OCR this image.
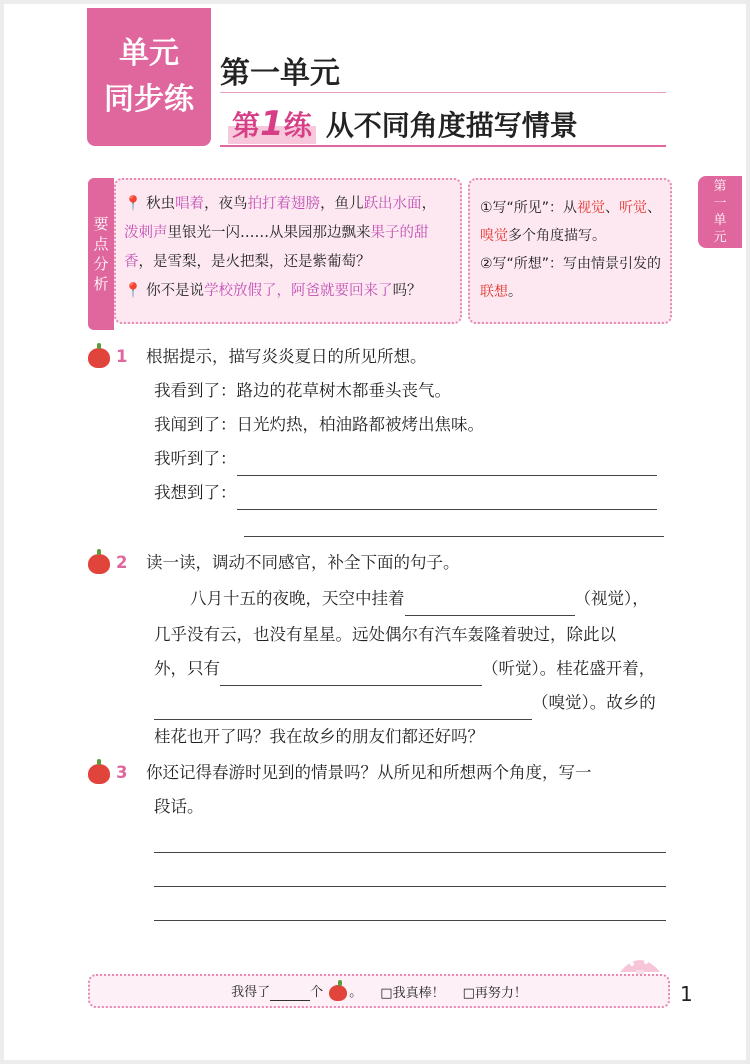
单元
同步练
第一单元
第1练 从不同角度描写情景
第
一
单
元
要
点
分
析
📍 秋虫唱着，夜鸟拍打着翅膀，鱼儿跃出水面，泼刺声里银光一闪……从果园那边飘来果子的甜香，是雪梨，是火把梨，还是紫葡萄？
📍 你不是说学校放假了，阿爸就要回来了吗？
①写“所见”：从视觉、听觉、嗅觉多个角度描写。
②写“所想”：写由情景引发的联想。
1 根据提示，描写炎炎夏日的所见所想。
我看到了：路边的花草树木都垂头丧气。
我闻到了：日光灼热，柏油路都被烤出焦味。
我听到了：
我想到了：
2 读一读，调动不同感官，补全下面的句子。
八月十五的夜晚，天空中挂着	（视觉），
几乎没有云，也没有星星。远处偶尔有汽车轰隆着驶过，除此以
外，只有	（听觉）。桂花盛开着，
（嗅觉）。故乡的
桂花也开了吗？我在故乡的朋友们都还好吗？
3 你还记得春游时见到的情景吗？从所见和所想两个角度，写一
段话。
我得了	个 。 □我真棒！ □再努力！	1
